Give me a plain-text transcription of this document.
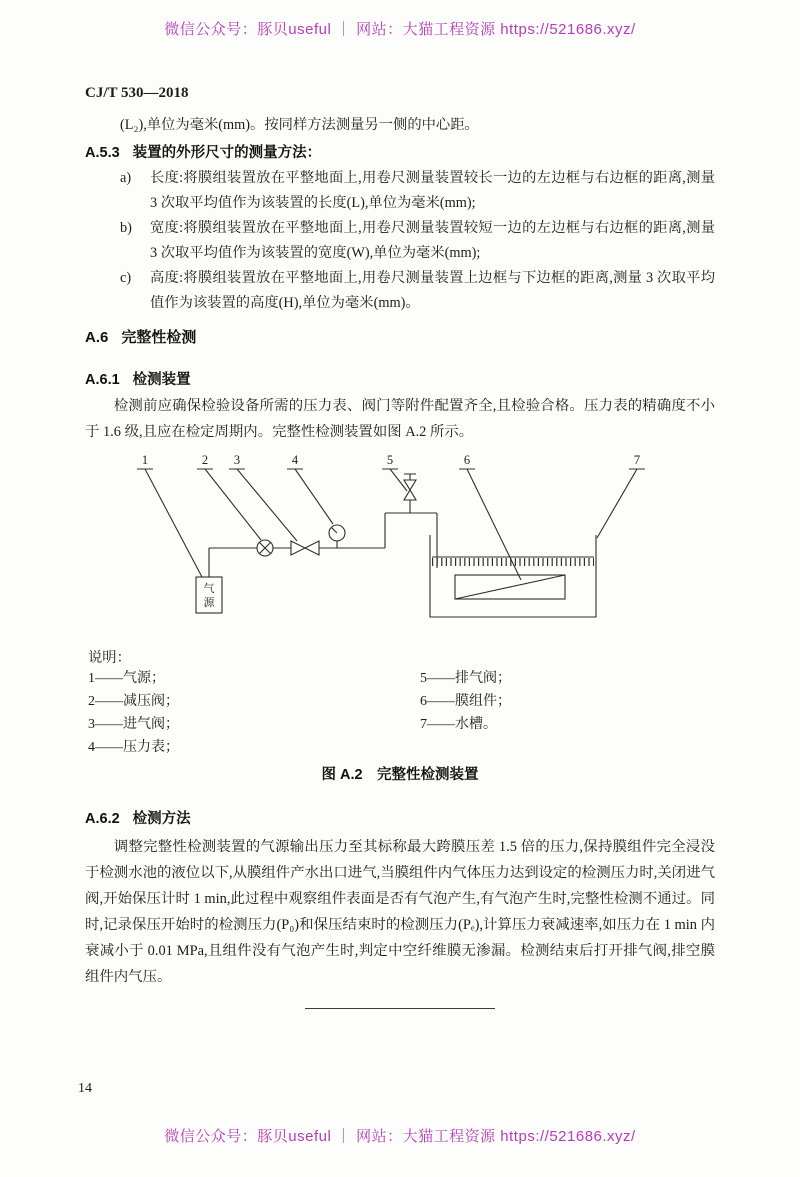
微信公众号：豚贝useful ｜ 网站：大猫工程资源 https://521686.xyz/
CJ/T 530—2018
(L₂),单位为毫米(mm)。按同样方法测量另一侧的中心距。
A.5.3 装置的外形尺寸的测量方法：
a)	长度:将膜组装置放在平整地面上,用卷尺测量装置较长一边的左边框与右边框的距离,测量 3 次取平均值作为该装置的长度(L),单位为毫米(mm);
b)	宽度:将膜组装置放在平整地面上,用卷尺测量装置较短一边的左边框与右边框的距离,测量 3 次取平均值作为该装置的宽度(W),单位为毫米(mm);
c)	高度:将膜组装置放在平整地面上,用卷尺测量装置上边框与下边框的距离,测量 3 次取平均值作为该装置的高度(H),单位为毫米(mm)。
A.6 完整性检测
A.6.1 检测装置
检测前应确保检验设备所需的压力表、阀门等附件配置齐全,且检验合格。压力表的精确度不小于 1.6 级,且应在检定周期内。完整性检测装置如图 A.2 所示。
1	2 3	4	5	6	7
气
源
说明：
1——气源；
2——减压阀；
3——进气阀；
4——压力表；
5——排气阀；
6——膜组件；
7——水槽。
图 A.2　完整性检测装置
A.6.2 检测方法
调整完整性检测装置的气源输出压力至其标称最大跨膜压差 1.5 倍的压力,保持膜组件完全浸没于检测水池的液位以下,从膜组件产水出口进气,当膜组件内气体压力达到设定的检测压力时,关闭进气阀,开始保压计时 1 min,此过程中观察组件表面是否有气泡产生,有气泡产生时,完整性检测不通过。同时,记录保压开始时的检测压力(P₀)和保压结束时的检测压力(Pₑ),计算压力衰减速率,如压力在 1 min 内衰减小于 0.01 MPa,且组件没有气泡产生时,判定中空纤维膜无渗漏。检测结束后打开排气阀,排空膜组件内气压。
14
微信公众号：豚贝useful ｜ 网站：大猫工程资源 https://521686.xyz/
